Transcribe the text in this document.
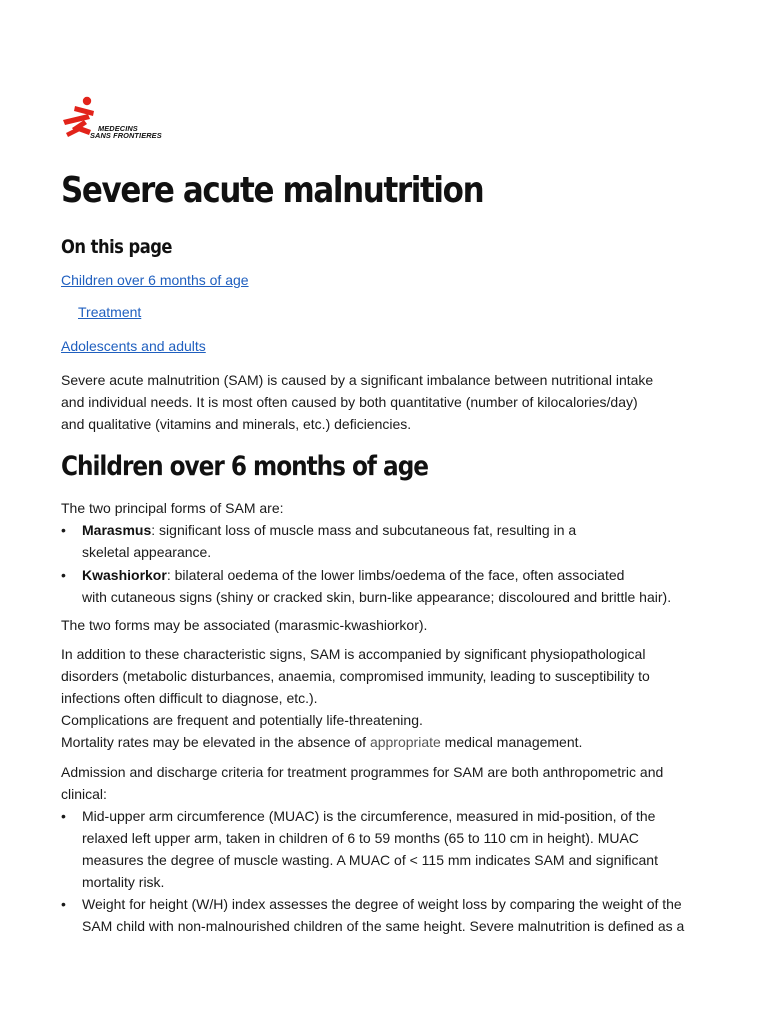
MEDECINS
SANS FRONTIERES
Severe acute malnutrition
On this page
Children over 6 months of age
Treatment
Adolescents and adults

Severe acute malnutrition (SAM) is caused by a significant imbalance between nutritional intake

and individual needs. It is most often caused by both quantitative (number of kilocalories/day)

and qualitative (vitamins and minerals, etc.) deficiencies.

Children over 6 months of age

The two principal forms of SAM are:

• Marasmus: significant loss of muscle mass and subcutaneous fat, resulting in a

skeletal appearance.

• Kwashiorkor: bilateral oedema of the lower limbs/oedema of the face, often associated

with cutaneous signs (shiny or cracked skin, burn-like appearance; discoloured and brittle hair).

The two forms may be associated (marasmic-kwashiorkor).

In addition to these characteristic signs, SAM is accompanied by significant physiopathological

disorders (metabolic disturbances, anaemia, compromised immunity, leading to susceptibility to

infections often difficult to diagnose, etc.).

Complications are frequent and potentially life-threatening.

Mortality rates may be elevated in the absence of appropriate medical management.

Admission and discharge criteria for treatment programmes for SAM are both anthropometric and

clinical:

• Mid-upper arm circumference (MUAC) is the circumference, measured in mid-position, of the

relaxed left upper arm, taken in children of 6 to 59 months (65 to 110 cm in height). MUAC

measures the degree of muscle wasting. A MUAC of < 115 mm indicates SAM and significant

mortality risk.

• Weight for height (W/H) index assesses the degree of weight loss by comparing the weight of the

SAM child with non-malnourished children of the same height. Severe malnutrition is defined as a
